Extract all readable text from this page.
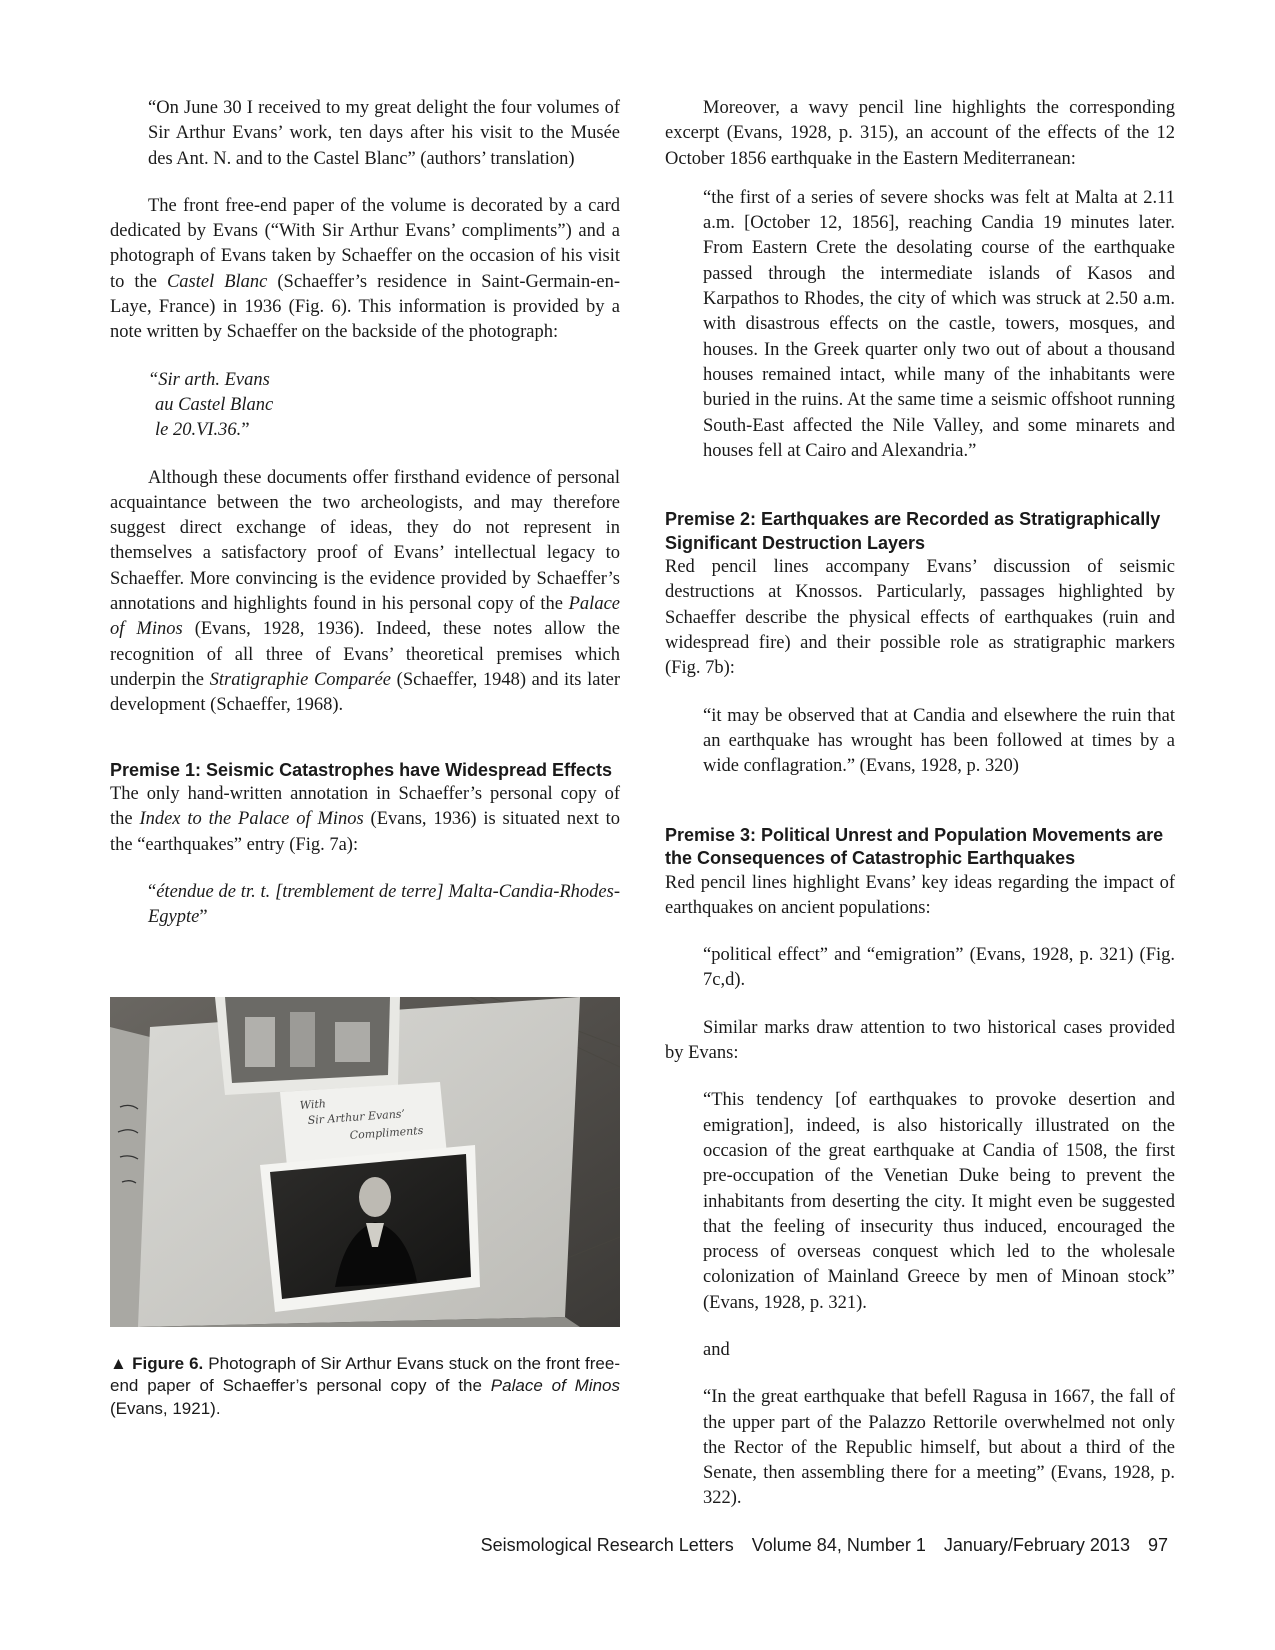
“On June 30 I received to my great delight the four volumes of Sir Arthur Evans’ work, ten days after his visit to the Musée des Ant. N. and to the Castel Blanc” (authors’ translation)

The front free-end paper of the volume is decorated by a card dedicated by Evans (“With Sir Arthur Evans’ compliments”) and a photograph of Evans taken by Schaeffer on the occasion of his visit to the Castel Blanc (Schaeffer’s residence in Saint-Germain-en-Laye, France) in 1936 (Fig. 6). This information is provided by a note written by Schaeffer on the backside of the photograph:

“Sir arth. Evans
au Castel Blanc
le 20.VI.36.”

Although these documents offer firsthand evidence of personal acquaintance between the two archeologists, and may therefore suggest direct exchange of ideas, they do not represent in themselves a satisfactory proof of Evans’ intellectual legacy to Schaeffer. More convincing is the evidence provided by Schaeffer’s annotations and highlights found in his personal copy of the Palace of Minos (Evans, 1928, 1936). Indeed, these notes allow the recognition of all three of Evans’ theoretical premises which underpin the Stratigraphie Comparée (Schaeffer, 1948) and its later development (Schaeffer, 1968).

Premise 1: Seismic Catastrophes have Widespread Effects

The only hand-written annotation in Schaeffer’s personal copy of the Index to the Palace of Minos (Evans, 1936) is situated next to the “earthquakes” entry (Fig. 7a):

“étendue de tr. t. [tremblement de terre] Malta-Candia-Rhodes-Egypte”
With
Sir Arthur Evans’
Compliments
▲ Figure 6. Photograph of Sir Arthur Evans stuck on the front free-end paper of Schaeffer’s personal copy of the Palace of Minos (Evans, 1921).

Moreover, a wavy pencil line highlights the corresponding excerpt (Evans, 1928, p. 315), an account of the effects of the 12 October 1856 earthquake in the Eastern Mediterranean:

“the first of a series of severe shocks was felt at Malta at 2.11 a.m. [October 12, 1856], reaching Candia 19 minutes later. From Eastern Crete the desolating course of the earthquake passed through the intermediate islands of Kasos and Karpathos to Rhodes, the city of which was struck at 2.50 a.m. with disastrous effects on the castle, towers, mosques, and houses. In the Greek quarter only two out of about a thousand houses remained intact, while many of the inhabitants were buried in the ruins. At the same time a seismic offshoot running South-East affected the Nile Valley, and some minarets and houses fell at Cairo and Alexandria.”
Premise 2: Earthquakes are Recorded as Stratigraphically Significant Destruction Layers

Red pencil lines accompany Evans’ discussion of seismic destructions at Knossos. Particularly, passages highlighted by Schaeffer describe the physical effects of earthquakes (ruin and widespread fire) and their possible role as stratigraphic markers (Fig. 7b):

“it may be observed that at Candia and elsewhere the ruin that an earthquake has wrought has been followed at times by a wide conflagration.” (Evans, 1928, p. 320)
Premise 3: Political Unrest and Population Movements are the Consequences of Catastrophic Earthquakes

Red pencil lines highlight Evans’ key ideas regarding the impact of earthquakes on ancient populations:

“political effect” and “emigration” (Evans, 1928, p. 321) (Fig. 7c,d).

Similar marks draw attention to two historical cases provided by Evans:

“This tendency [of earthquakes to provoke desertion and emigration], indeed, is also historically illustrated on the occasion of the great earthquake at Candia of 1508, the first pre-occupation of the Venetian Duke being to prevent the inhabitants from deserting the city. It might even be suggested that the feeling of insecurity thus induced, encouraged the process of overseas conquest which led to the wholesale colonization of Mainland Greece by men of Minoan stock” (Evans, 1928, p. 321).
and
“In the great earthquake that befell Ragusa in 1667, the fall of the upper part of the Palazzo Rettorile overwhelmed not only the Rector of the Republic himself, but about a third of the Senate, then assembling there for a meeting” (Evans, 1928, p. 322).
Seismological Research Letters Volume 84, Number 1 January/February 2013 97
